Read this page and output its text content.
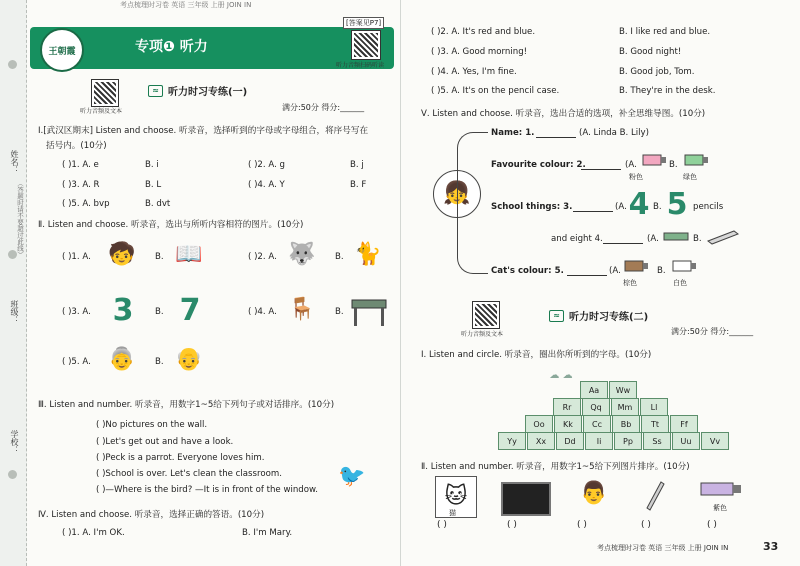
姓名：
班级：
学校：
（答题时请不要超过此线）
考点梳理时习卷 英语 三年级 上册 JOIN IN
王朝霞	专项❶ 听力
[答案见P7]
听力音频扫码听读
听力音频及文本
≈ 听力时习专练(一)
满分:50分 得分:______
Ⅰ.[武汉区期末] Listen and choose. 听录音，选择听到的字母或字母组合，将序号写在
括号内。(10分)
( )1. A. e	B. i	( )2. A. g	B. j
( )3. A. R	B. L	( )4. A. Y	B. F
( )5. A. bvp	B. dvt
Ⅱ. Listen and choose. 听录音，选出与所听内容相符的图片。(10分)
( )1. A. 🧒	B. 📖	( )2. A. 🐺	B. 🐈
( )3. A. 3	B. 7	( )4. A. 🪑	B.
( )5. A. 👵	B. 👴
Ⅲ. Listen and number. 听录音，用数字1~5给下列句子或对话排序。(10分)
( )No pictures on the wall.
( )Let's get out and have a look.
( )Peck is a parrot. Everyone loves him.
( )School is over. Let's clean the classroom.
( )—Where is the bird? —It is in front of the window.
🐦
Ⅳ. Listen and choose. 听录音，选择正确的答语。(10分)
( )1. A. I'm OK.	B. I'm Mary.
( )2. A. It's red and blue.	B. I like red and blue.
( )3. A. Good morning!	B. Good night!
( )4. A. Yes, I'm fine.	B. Good job, Tom.
( )5. A. It's on the pencil case.	B. They're in the desk.
Ⅴ. Listen and choose. 听录音，选出合适的选项，补全思维导图。(10分)
👧
Name: 1.	(A. Linda B. Lily)
Favourite colour: 2.	(A.
粉色
B.
绿色
School things: 3.	(A. 4 B. 5 pencils
and eight 4.	(A.	B.
Cat's colour: 5.	(A.
棕色
B.
白色
听力音频及文本
≈ 听力时习专练(二)
满分:50分 得分:______
Ⅰ. Listen and circle. 听录音，圈出你所听到的字母。(10分)
☁ ☁
Aa	Ww
Rr	Qq	Mm	Ll
Oo	Kk	Cc	Bb	Tt	Ff
Yy	Xx	Dd	Ii	Pp	Ss	Uu	Vv
Ⅱ. Listen and number. 听录音，用数字1~5给下列图片排序。(10分)
🐱
猫
👨
紫色
( )	( )	( )	( )	( )
考点梳理时习卷 英语 三年级 上册 JOIN IN	33
